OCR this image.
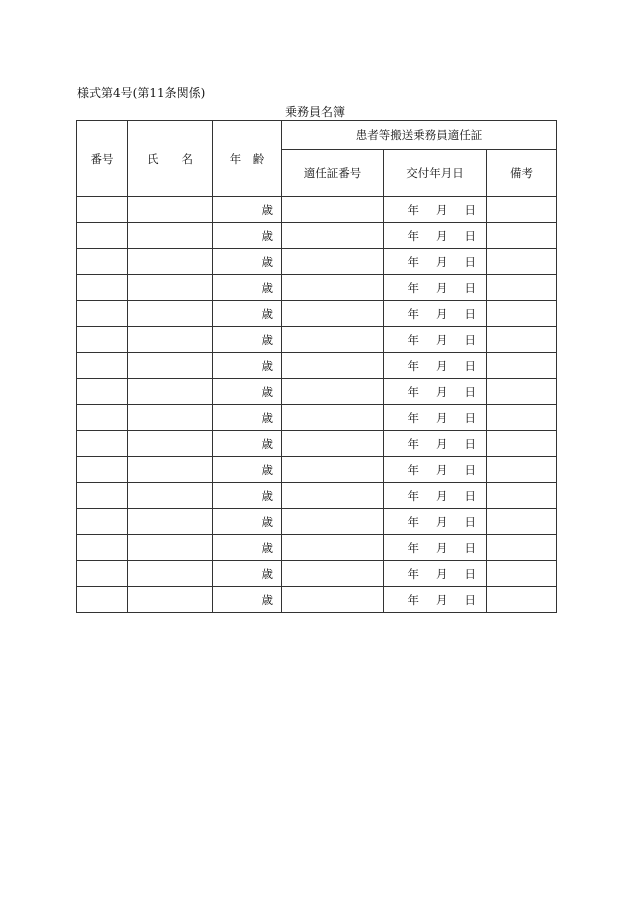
様式第4号(第11条関係)
乗務員名簿
番号	氏　　名	年　齢	患者等搬送乗務員適任証		
			適任証番号	交付年月日	備考
		歳		年 月 日	
		歳		年 月 日	
		歳		年 月 日	
		歳		年 月 日	
		歳		年 月 日	
		歳		年 月 日	
		歳		年 月 日	
		歳		年 月 日	
		歳		年 月 日	
		歳		年 月 日	
		歳		年 月 日	
		歳		年 月 日	
		歳		年 月 日	
		歳		年 月 日	
		歳		年 月 日	
		歳		年 月 日	
